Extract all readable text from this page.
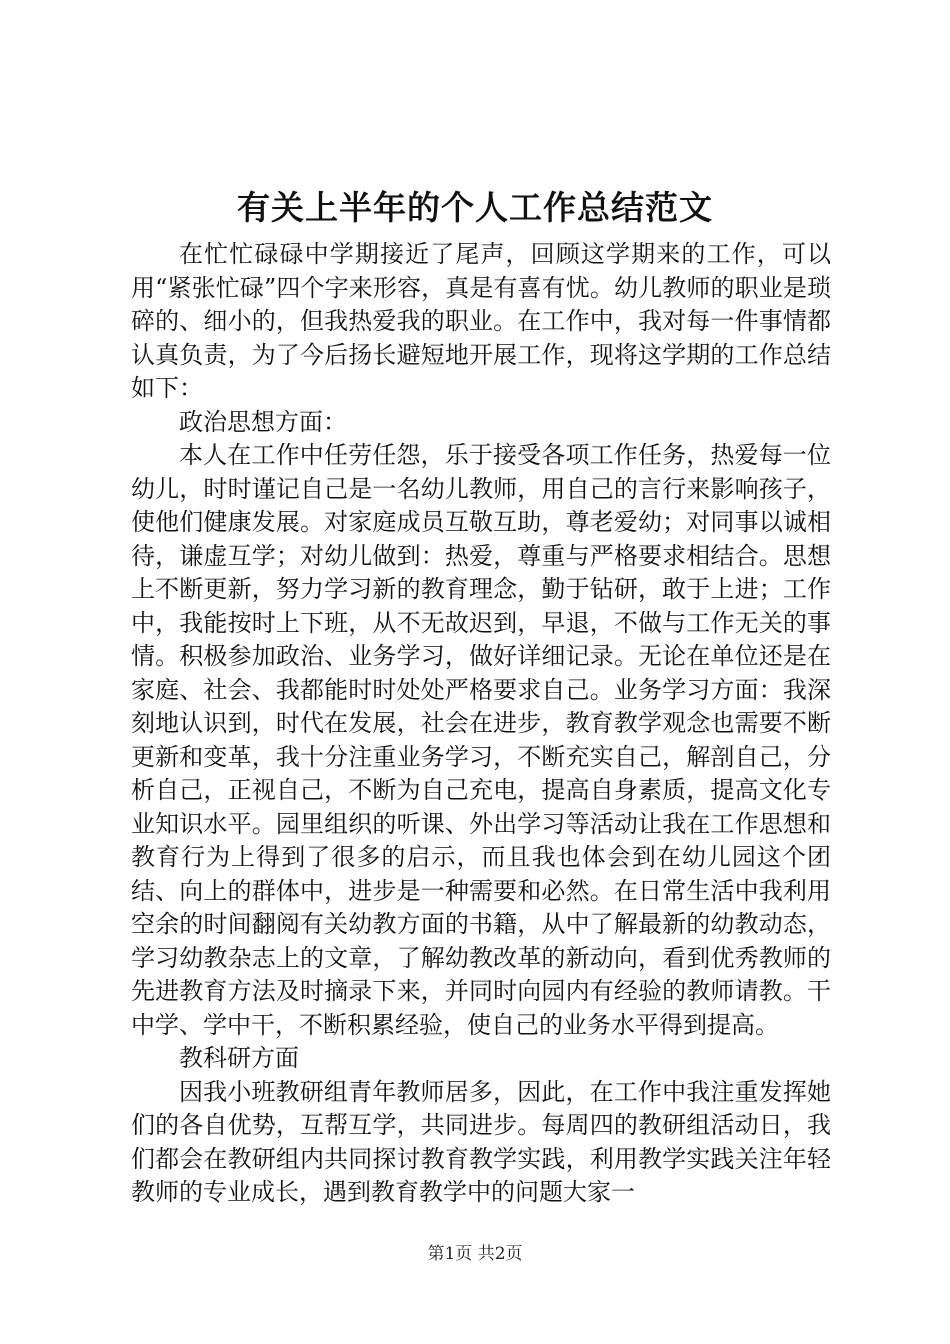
有关上半年的个人工作总结范文

在忙忙碌碌中学期接近了尾声，回顾这学期来的工作，可以用“紧张忙碌”四个字来形容，真是有喜有忧。幼儿教师的职业是琐碎的、细小的，但我热爱我的职业。在工作中，我对每一件事情都认真负责，为了今后扬长避短地开展工作，现将这学期的工作总结如下：

政治思想方面：

本人在工作中任劳任怨，乐于接受各项工作任务，热爱每一位幼儿，时时谨记自己是一名幼儿教师，用自己的言行来影响孩子，使他们健康发展。对家庭成员互敬互助，尊老爱幼；对同事以诚相待，谦虚互学；对幼儿做到：热爱，尊重与严格要求相结合。思想上不断更新，努力学习新的教育理念，勤于钻研，敢于上进；工作中，我能按时上下班，从不无故迟到，早退，不做与工作无关的事情。积极参加政治、业务学习，做好详细记录。无论在单位还是在家庭、社会、我都能时时处处严格要求自己。业务学习方面：我深刻地认识到，时代在发展，社会在进步，教育教学观念也需要不断更新和变革，我十分注重业务学习，不断充实自己，解剖自己，分析自己，正视自己，不断为自己充电，提高自身素质，提高文化专业知识水平。园里组织的听课、外出学习等活动让我在工作思想和教育行为上得到了很多的启示，而且我也体会到在幼儿园这个团结、向上的群体中，进步是一种需要和必然。在日常生活中我利用空余的时间翻阅有关幼教方面的书籍，从中了解最新的幼教动态，学习幼教杂志上的文章，了解幼教改革的新动向，看到优秀教师的先进教育方法及时摘录下来，并同时向园内有经验的教师请教。干中学、学中干，不断积累经验，使自己的业务水平得到提高。

教科研方面

因我小班教研组青年教师居多，因此，在工作中我注重发挥她们的各自优势，互帮互学，共同进步。每周四的教研组活动日，我们都会在教研组内共同探讨教育教学实践，利用教学实践关注年轻教师的专业成长，遇到教育教学中的问题大家一

第1页 共2页
